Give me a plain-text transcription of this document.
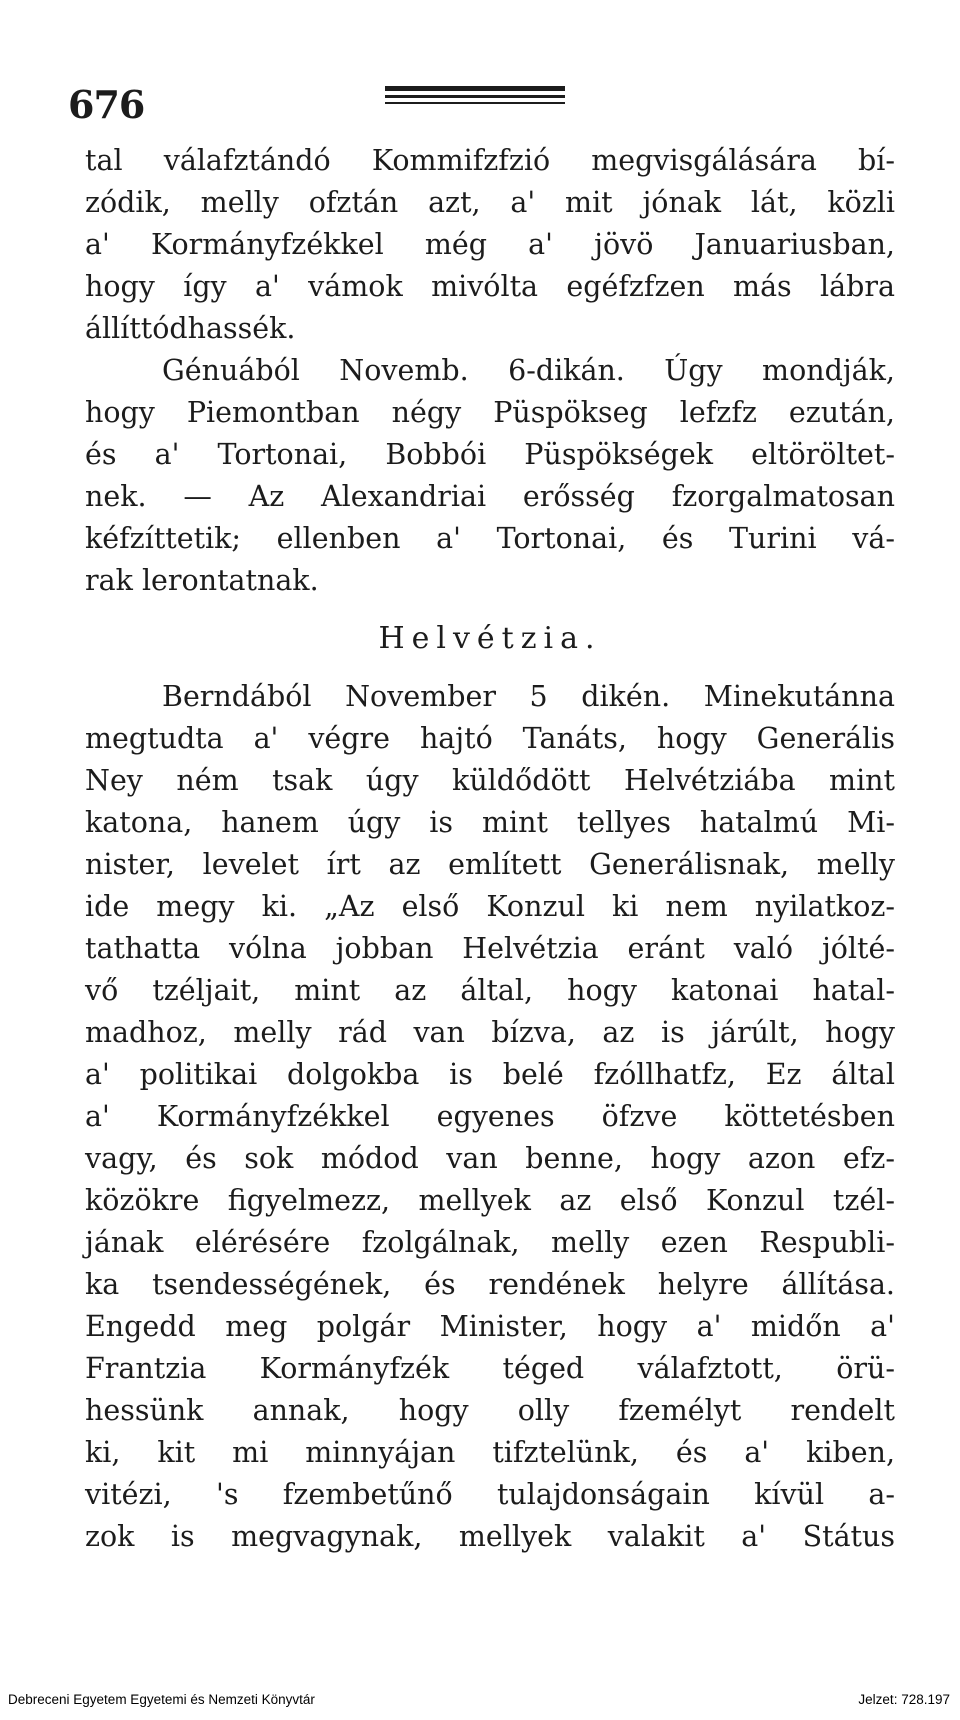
676
tal válafztándó Kommifzfzió megvisgálására bí-
zódik, melly ofztán azt, a' mit jónak lát, közli
a' Kormányfzékkel még a' jövö Januariusban,
hogy így a' vámok mivólta egéfzfzen más lábra
állíttódhassék.
Génuából Novemb. 6-dikán. Úgy mondják,
hogy Piemontban négy Püspökseg lefzfz ezután,
és a' Tortonai, Bobbói Püspökségek eltöröltet-
nek. — Az Alexandriai erősség fzorgalmatosan
kéfzíttetik; ellenben a' Tortonai, és Turini vá-
rak lerontatnak.
Helvétzia.
Berndából November 5 dikén. Minekutánna
megtudta a' végre hajtó Tanáts, hogy Generális
Ney ném tsak úgy küldődött Helvétziába mint
katona, hanem úgy is mint tellyes hatalmú Mi-
nister, levelet írt az említett Generálisnak, melly
ide megy ki. „Az első Konzul ki nem nyilatkoz-
tathatta vólna jobban Helvétzia eránt való jólté-
vő tzéljait, mint az által, hogy katonai hatal-
madhoz, melly rád van bízva, az is járúlt, hogy
a' politikai dolgokba is belé fzóllhatfz, Ez által
a' Kormányfzékkel egyenes öfzve köttetésben
vagy, és sok módod van benne, hogy azon efz-
közökre figyelmezz, mellyek az első Konzul tzél-
jának elérésére fzolgálnak, melly ezen Respubli-
ka tsendességének, és rendének helyre állítása.
Engedd meg polgár Minister, hogy a' midőn a'
Frantzia Kormányfzék téged válafztott, örü-
hessünk annak, hogy olly fzemélyt rendelt
ki, kit mi minnyájan tifztelünk, és a' kiben,
vitézi, 's fzembetűnő tulajdonságain kívül a-
zok is megvagynak, mellyek valakit a' Státus
Debreceni Egyetem Egyetemi és Nemzeti Könyvtár	Jelzet: 728.197
